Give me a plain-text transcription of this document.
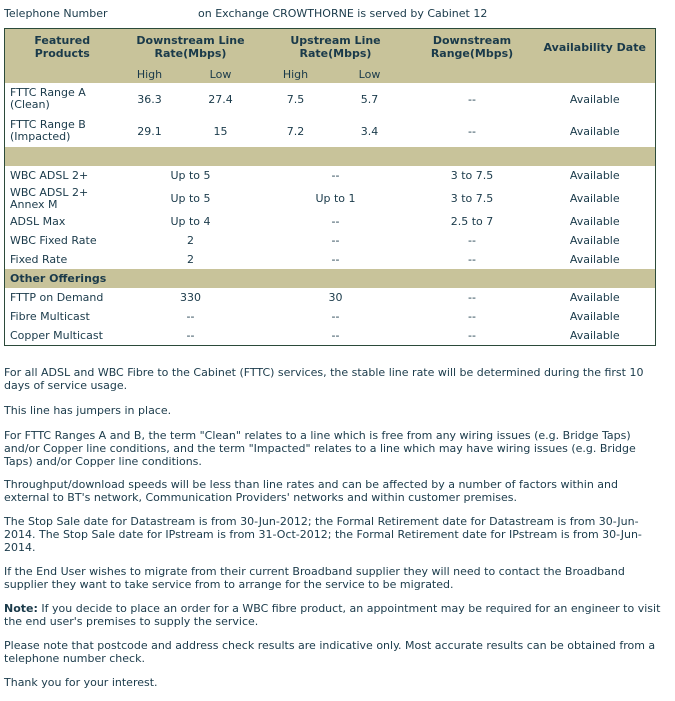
Telephone Number	on Exchange CROWTHORNE is served by Cabinet 12
Featured Products	Downstream Line Rate(Mbps)		Upstream Line Rate(Mbps)		Downstream Range(Mbps)	Availability Date
	High	Low	High	Low		
FTTC Range A (Clean)	36.3	27.4	7.5	5.7	--	Available
FTTC Range B (Impacted)	29.1	15	7.2	3.4	--	Available

WBC ADSL 2+	Up to 5		--		3 to 7.5	Available
WBC ADSL 2+ Annex M	Up to 5		Up to 1		3 to 7.5	Available
ADSL Max	Up to 4		--		2.5 to 7	Available
WBC Fixed Rate	2		--		--	Available
Fixed Rate	2		--		--	Available
Other Offerings						
FTTP on Demand	330		30		--	Available
Fibre Multicast	--		--		--	Available
Copper Multicast	--		--		--	Available

For all ADSL and WBC Fibre to the Cabinet (FTTC) services, the stable line rate will be determined during the first 10 days of service usage.

This line has jumpers in place.

For FTTC Ranges A and B, the term "Clean" relates to a line which is free from any wiring issues (e.g. Bridge Taps) and/or Copper line conditions, and the term "Impacted" relates to a line which may have wiring issues (e.g. Bridge Taps) and/or Copper line conditions.

Throughput/download speeds will be less than line rates and can be affected by a number of factors within and external to BT's network, Communication Providers' networks and within customer premises.

The Stop Sale date for Datastream is from 30-Jun-2012; the Formal Retirement date for Datastream is from 30-Jun-2014. The Stop Sale date for IPstream is from 31-Oct-2012; the Formal Retirement date for IPstream is from 30-Jun-2014.

If the End User wishes to migrate from their current Broadband supplier they will need to contact the Broadband supplier they want to take service from to arrange for the service to be migrated.

Note: If you decide to place an order for a WBC fibre product, an appointment may be required for an engineer to visit the end user's premises to supply the service.

Please note that postcode and address check results are indicative only. Most accurate results can be obtained from a telephone number check.

Thank you for your interest.
